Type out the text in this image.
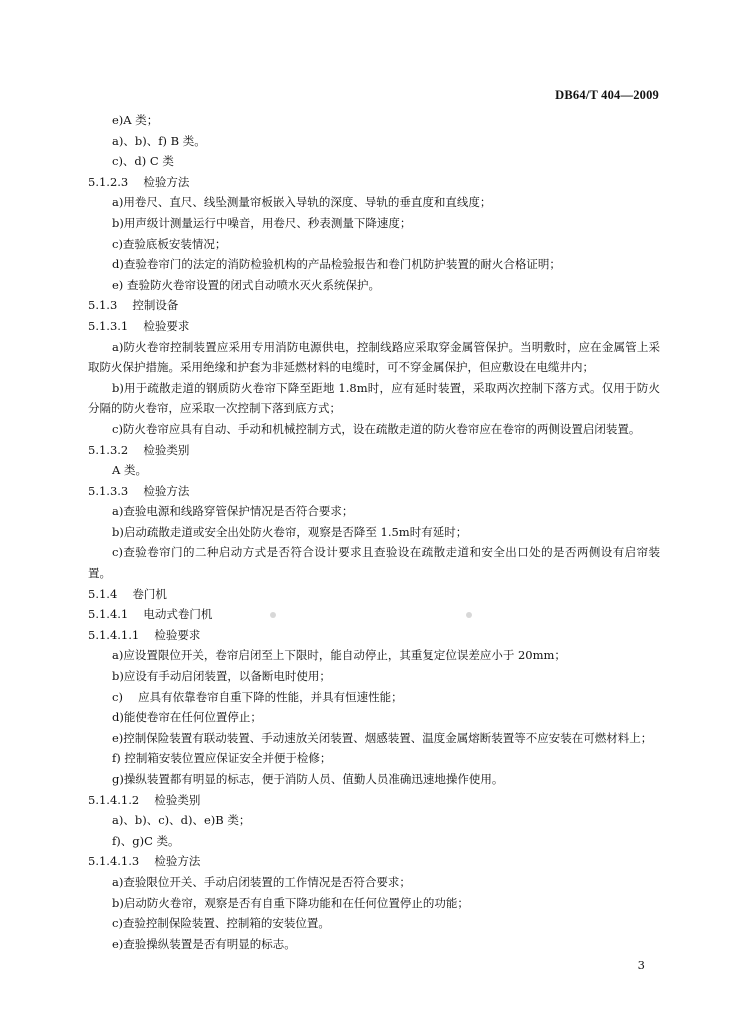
DB64/T 404—2009
e)A 类；
a)、b)、f) B 类。
c)、d) C 类
5.1.2.3　 检验方法
a)用卷尺、直尺、线坠测量帘板嵌入导轨的深度、导轨的垂直度和直线度；
b)用声级计测量运行中噪音，用卷尺、秒表测量下降速度；
c)查验底板安装情况；
d)查验卷帘门的法定的消防检验机构的产品检验报告和卷门机防护装置的耐火合格证明；
e) 查验防火卷帘设置的闭式自动喷水灭火系统保护。
5.1.3　 控制设备
5.1.3.1　 检验要求
a)防火卷帘控制装置应采用专用消防电源供电，控制线路应采取穿金属管保护。当明敷时，应在金属管上采取防火保护措施。采用绝缘和护套为非延燃材料的电缆时，可不穿金属保护，但应敷设在电缆井内；
b)用于疏散走道的钢质防火卷帘下降至距地 1.8m时，应有延时装置，采取两次控制下落方式。仅用于防火分隔的防火卷帘，应采取一次控制下落到底方式；
c)防火卷帘应具有自动、手动和机械控制方式，设在疏散走道的防火卷帘应在卷帘的两侧设置启闭装置。
5.1.3.2　 检验类别
A 类。
5.1.3.3　 检验方法
a)查验电源和线路穿管保护情况是否符合要求；
b)启动疏散走道或安全出处防火卷帘，观察是否降至 1.5m时有延时；
c)查验卷帘门的二种启动方式是否符合设计要求且查验设在疏散走道和安全出口处的是否两侧设有启帘装置。
5.1.4　 卷门机
5.1.4.1　 电动式卷门机
5.1.4.1.1　 检验要求
a)应设置限位开关，卷帘启闭至上下限时，能自动停止，其重复定位误差应小于 20mm；
b)应设有手动启闭装置，以备断电时使用；
c)　 应具有依靠卷帘自重下降的性能，并具有恒速性能；
d)能使卷帘在任何位置停止；
e)控制保险装置有联动装置、手动速放关闭装置、烟感装置、温度金属熔断装置等不应安装在可燃材料上；
f) 控制箱安装位置应保证安全并便于检修；
g)操纵装置都有明显的标志，便于消防人员、值勤人员准确迅速地操作使用。
5.1.4.1.2　 检验类别
a)、b)、c)、d)、e)B 类；
f)、g)C 类。
5.1.4.1.3　 检验方法
a)查验限位开关、手动启闭装置的工作情况是否符合要求；
b)启动防火卷帘，观察是否有自重下降功能和在任何位置停止的功能；
c)查验控制保险装置、控制箱的安装位置。
e)查验操纵装置是否有明显的标志。
3
